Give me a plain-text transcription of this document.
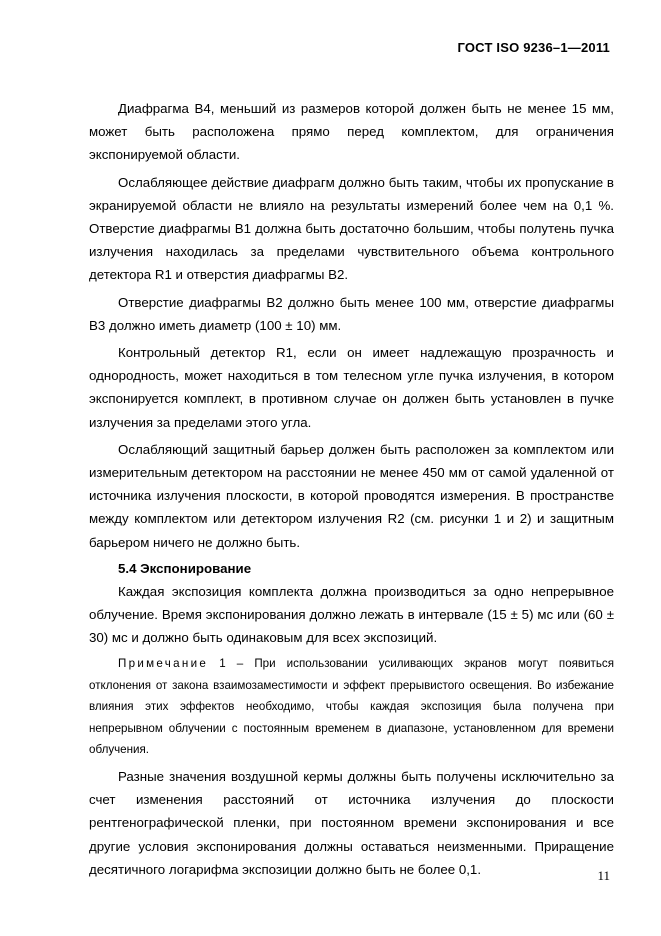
ГОСТ ISO 9236–1—2011

Диафрагма В4, меньший из размеров которой должен быть не менее 15 мм, может быть расположена прямо перед комплектом, для ограничения экспонируемой области.

Ослабляющее действие диафрагм должно быть таким, чтобы их пропускание в экранируемой области не влияло на результаты измерений более чем на 0,1 %. Отверстие диафрагмы В1 должна быть достаточно большим, чтобы полутень пучка излучения находилась за пределами чувствительного объема контрольного детектора R1 и отверстия диафрагмы B2.

Отверстие диафрагмы B2 должно быть менее 100 мм, отверстие диафрагмы В3 должно иметь диаметр (100 ± 10) мм.

Контрольный детектор R1, если он имеет надлежащую прозрачность и однородность, может находиться в том телесном угле пучка излучения, в котором экспонируется комплект, в противном случае он должен быть установлен в пучке излучения за пределами этого угла.

Ослабляющий защитный барьер должен быть расположен за комплектом или измерительным детектором на расстоянии не менее 450 мм от самой удаленной от источника излучения плоскости, в которой проводятся измерения. В пространстве между комплектом или детектором излучения R2 (см. рисунки 1 и 2) и защитным барьером ничего не должно быть.

5.4 Экспонирование

Каждая экспозиция комплекта должна производиться за одно непрерывное облучение. Время экспонирования должно лежать в интервале (15 ± 5) мс или (60 ± 30) мс и должно быть одинаковым для всех экспозиций.

Примечание 1 – При использовании усиливающих экранов могут появиться отклонения от закона взаимозаместимости и эффект прерывистого освещения. Во избежание влияния этих эффектов необходимо, чтобы каждая экспозиция была получена при непрерывном облучении с постоянным временем в диапазоне, установленном для времени облучения.

Разные значения воздушной кермы должны быть получены исключительно за счет изменения расстояний от источника излучения до плоскости рентгенографической пленки, при постоянном времени экспонирования и все другие условия экспонирования должны оставаться неизменными. Приращение десятичного логарифма экспозиции должно быть не более 0,1.	11
